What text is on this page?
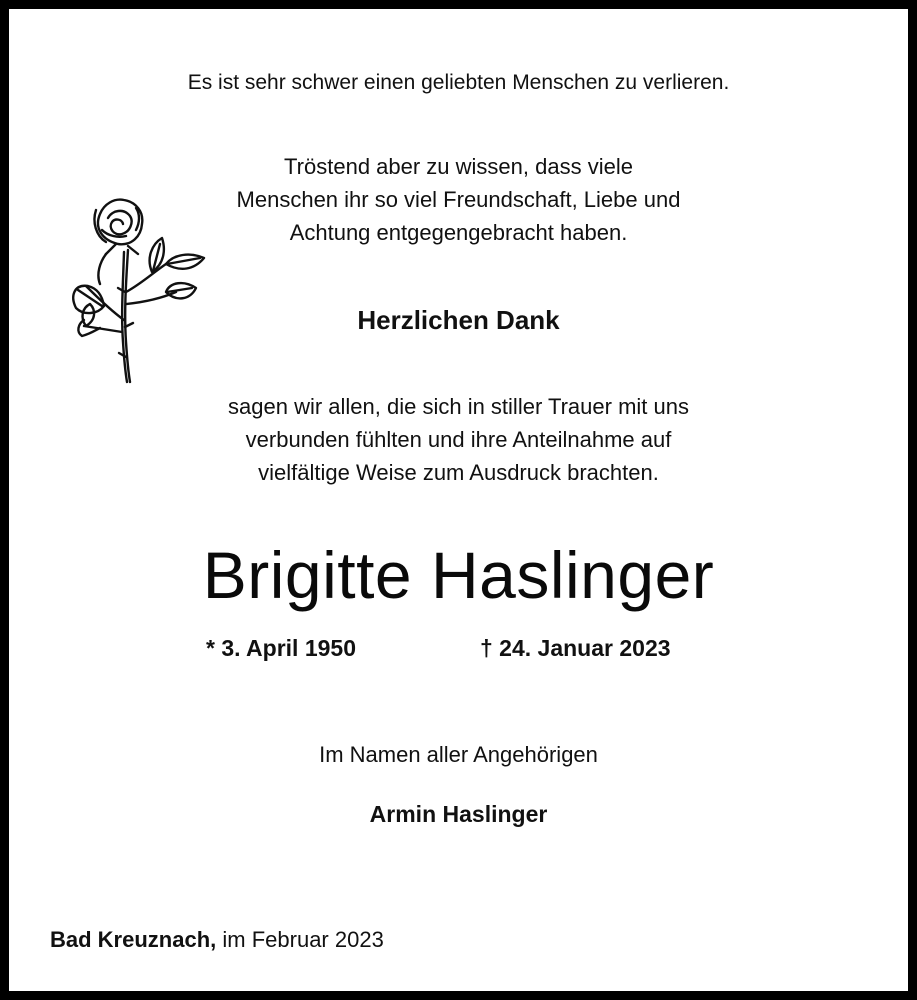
Es ist sehr schwer einen geliebten Menschen zu verlieren.
Tröstend aber zu wissen, dass viele
Menschen ihr so viel Freundschaft, Liebe und
Achtung entgegengebracht haben.
Herzlichen Dank
sagen wir allen, die sich in stiller Trauer mit uns
verbunden fühlten und ihre Anteilnahme auf
vielfältige Weise zum Ausdruck brachten.
Brigitte Haslinger
* 3. April 1950	† 24. Januar 2023
Im Namen aller Angehörigen
Armin Haslinger
Bad Kreuznach, im Februar 2023
